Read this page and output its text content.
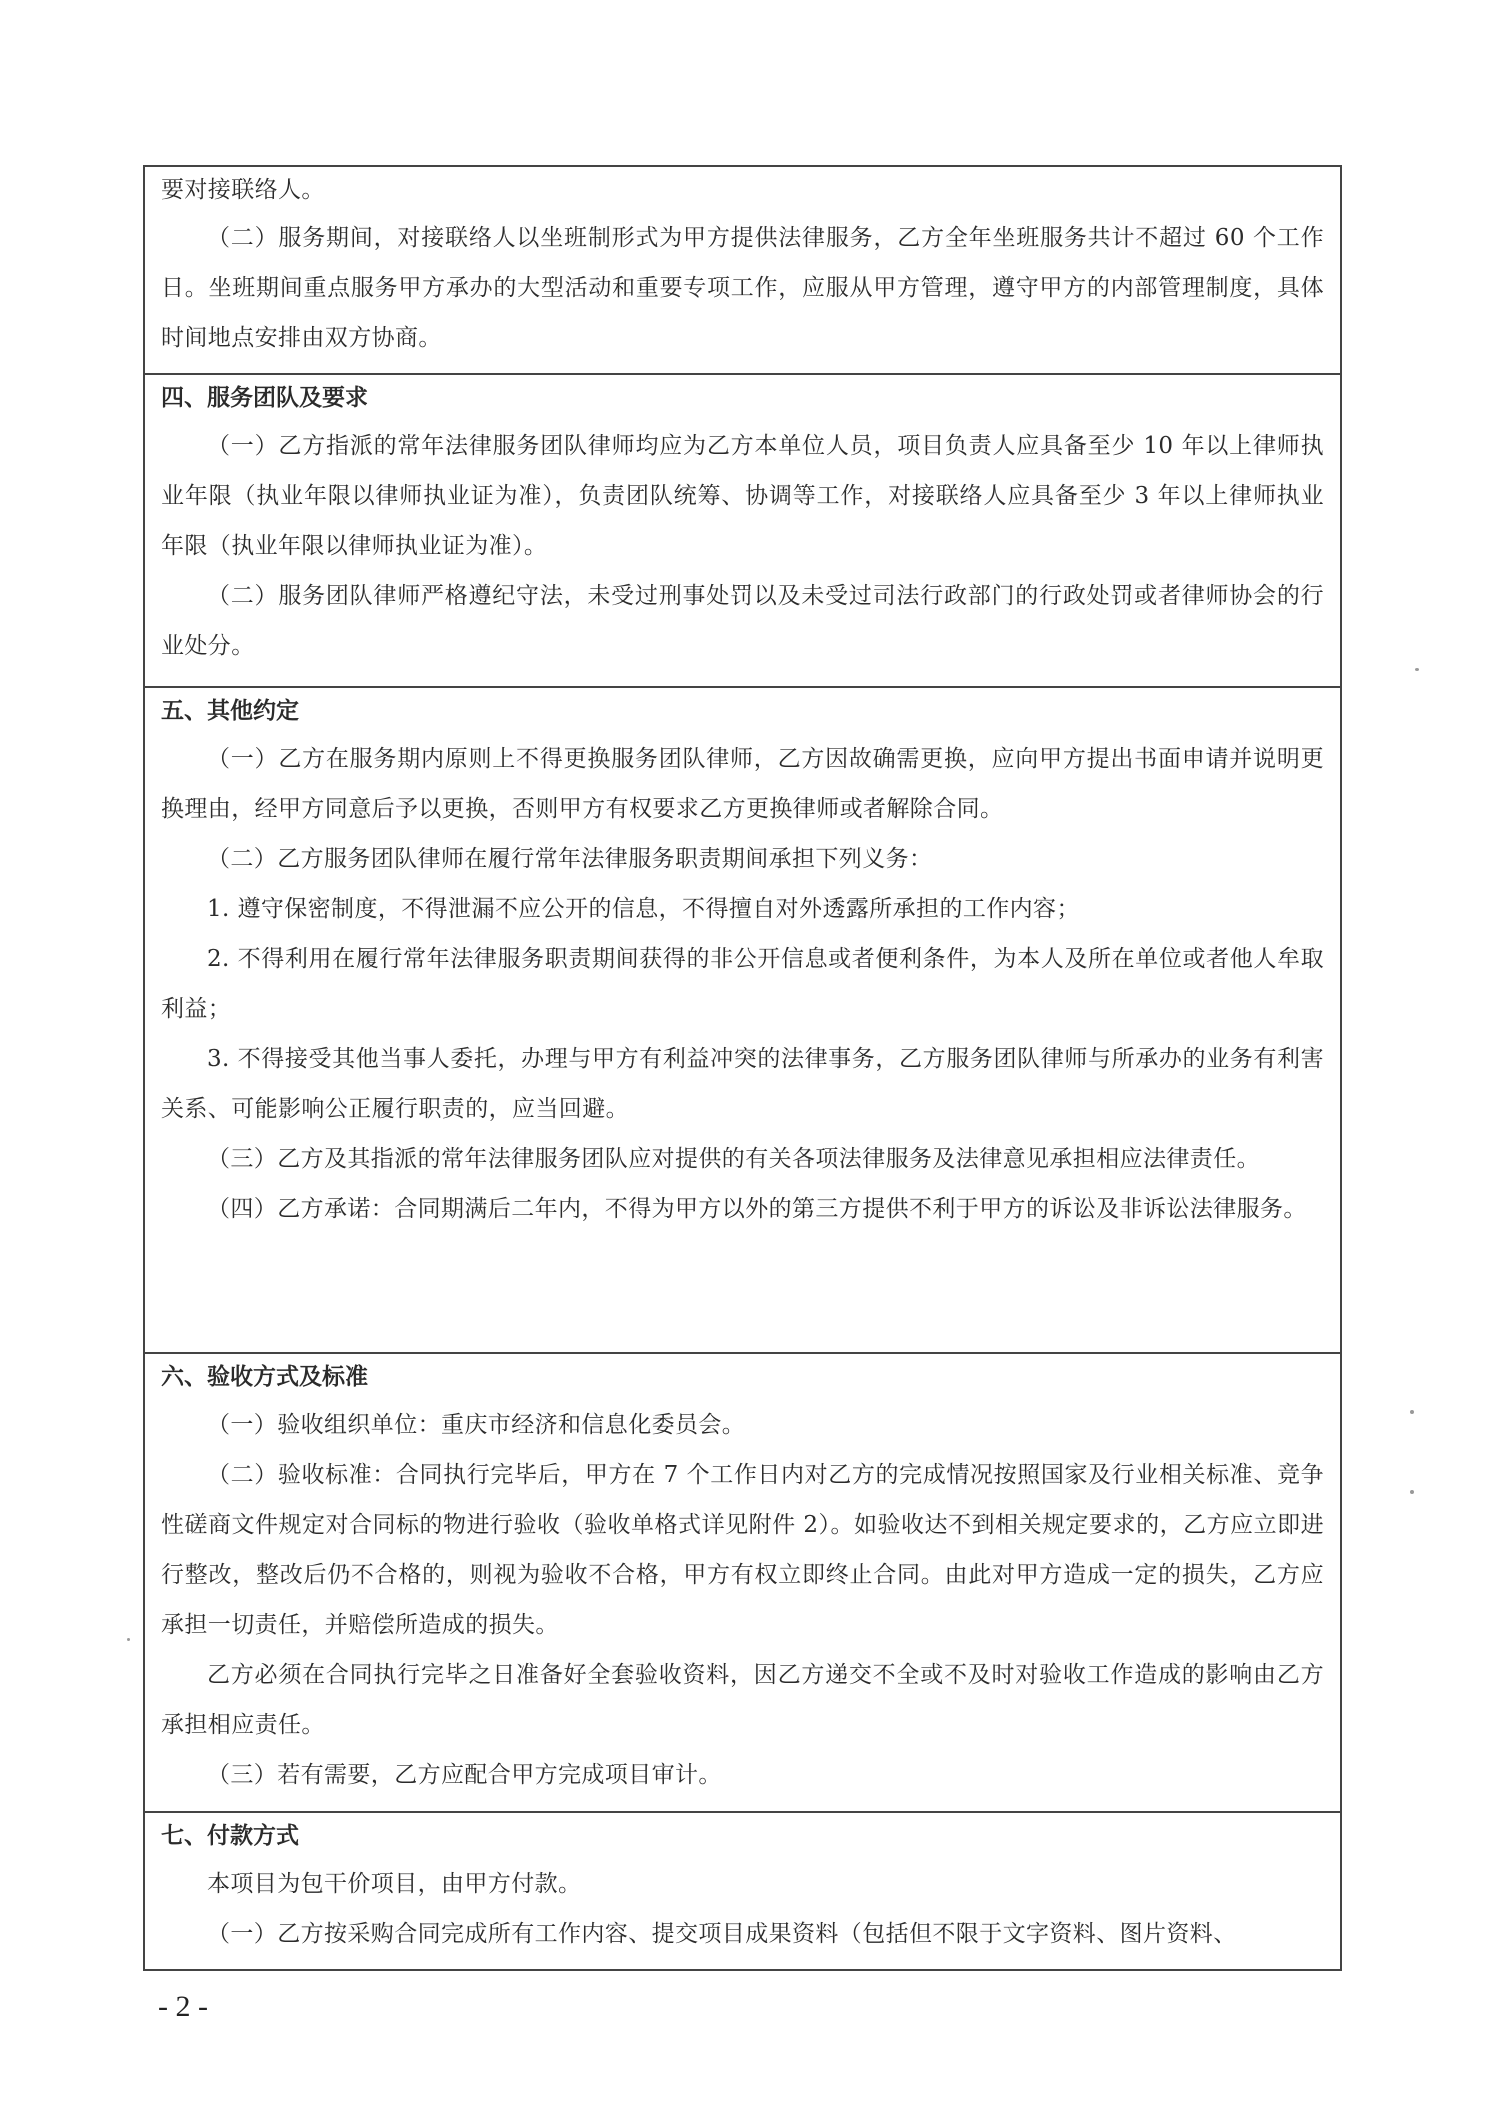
要对接联络人。

（二）服务期间，对接联络人以坐班制形式为甲方提供法律服务，乙方全年坐班服务共计不超过 60 个工作日。坐班期间重点服务甲方承办的大型活动和重要专项工作，应服从甲方管理，遵守甲方的内部管理制度，具体时间地点安排由双方协商。

四、服务团队及要求

（一）乙方指派的常年法律服务团队律师均应为乙方本单位人员，项目负责人应具备至少 10 年以上律师执业年限（执业年限以律师执业证为准），负责团队统筹、协调等工作，对接联络人应具备至少 3 年以上律师执业年限（执业年限以律师执业证为准）。

（二）服务团队律师严格遵纪守法，未受过刑事处罚以及未受过司法行政部门的行政处罚或者律师协会的行业处分。

五、其他约定

（一）乙方在服务期内原则上不得更换服务团队律师，乙方因故确需更换，应向甲方提出书面申请并说明更换理由，经甲方同意后予以更换，否则甲方有权要求乙方更换律师或者解除合同。

（二）乙方服务团队律师在履行常年法律服务职责期间承担下列义务：

1. 遵守保密制度，不得泄漏不应公开的信息，不得擅自对外透露所承担的工作内容；

2. 不得利用在履行常年法律服务职责期间获得的非公开信息或者便利条件，为本人及所在单位或者他人牟取利益；

3. 不得接受其他当事人委托，办理与甲方有利益冲突的法律事务，乙方服务团队律师与所承办的业务有利害关系、可能影响公正履行职责的，应当回避。

（三）乙方及其指派的常年法律服务团队应对提供的有关各项法律服务及法律意见承担相应法律责任。

（四）乙方承诺：合同期满后二年内，不得为甲方以外的第三方提供不利于甲方的诉讼及非诉讼法律服务。

六、验收方式及标准

（一）验收组织单位：重庆市经济和信息化委员会。

（二）验收标准：合同执行完毕后，甲方在 7 个工作日内对乙方的完成情况按照国家及行业相关标准、竞争性磋商文件规定对合同标的物进行验收（验收单格式详见附件 2）。如验收达不到相关规定要求的，乙方应立即进行整改，整改后仍不合格的，则视为验收不合格，甲方有权立即终止合同。由此对甲方造成一定的损失，乙方应承担一切责任，并赔偿所造成的损失。

乙方必须在合同执行完毕之日准备好全套验收资料，因乙方递交不全或不及时对验收工作造成的影响由乙方承担相应责任。

（三）若有需要，乙方应配合甲方完成项目审计。

七、付款方式

本项目为包干价项目，由甲方付款。

（一）乙方按采购合同完成所有工作内容、提交项目成果资料（包括但不限于文字资料、图片资料、

- 2 -
